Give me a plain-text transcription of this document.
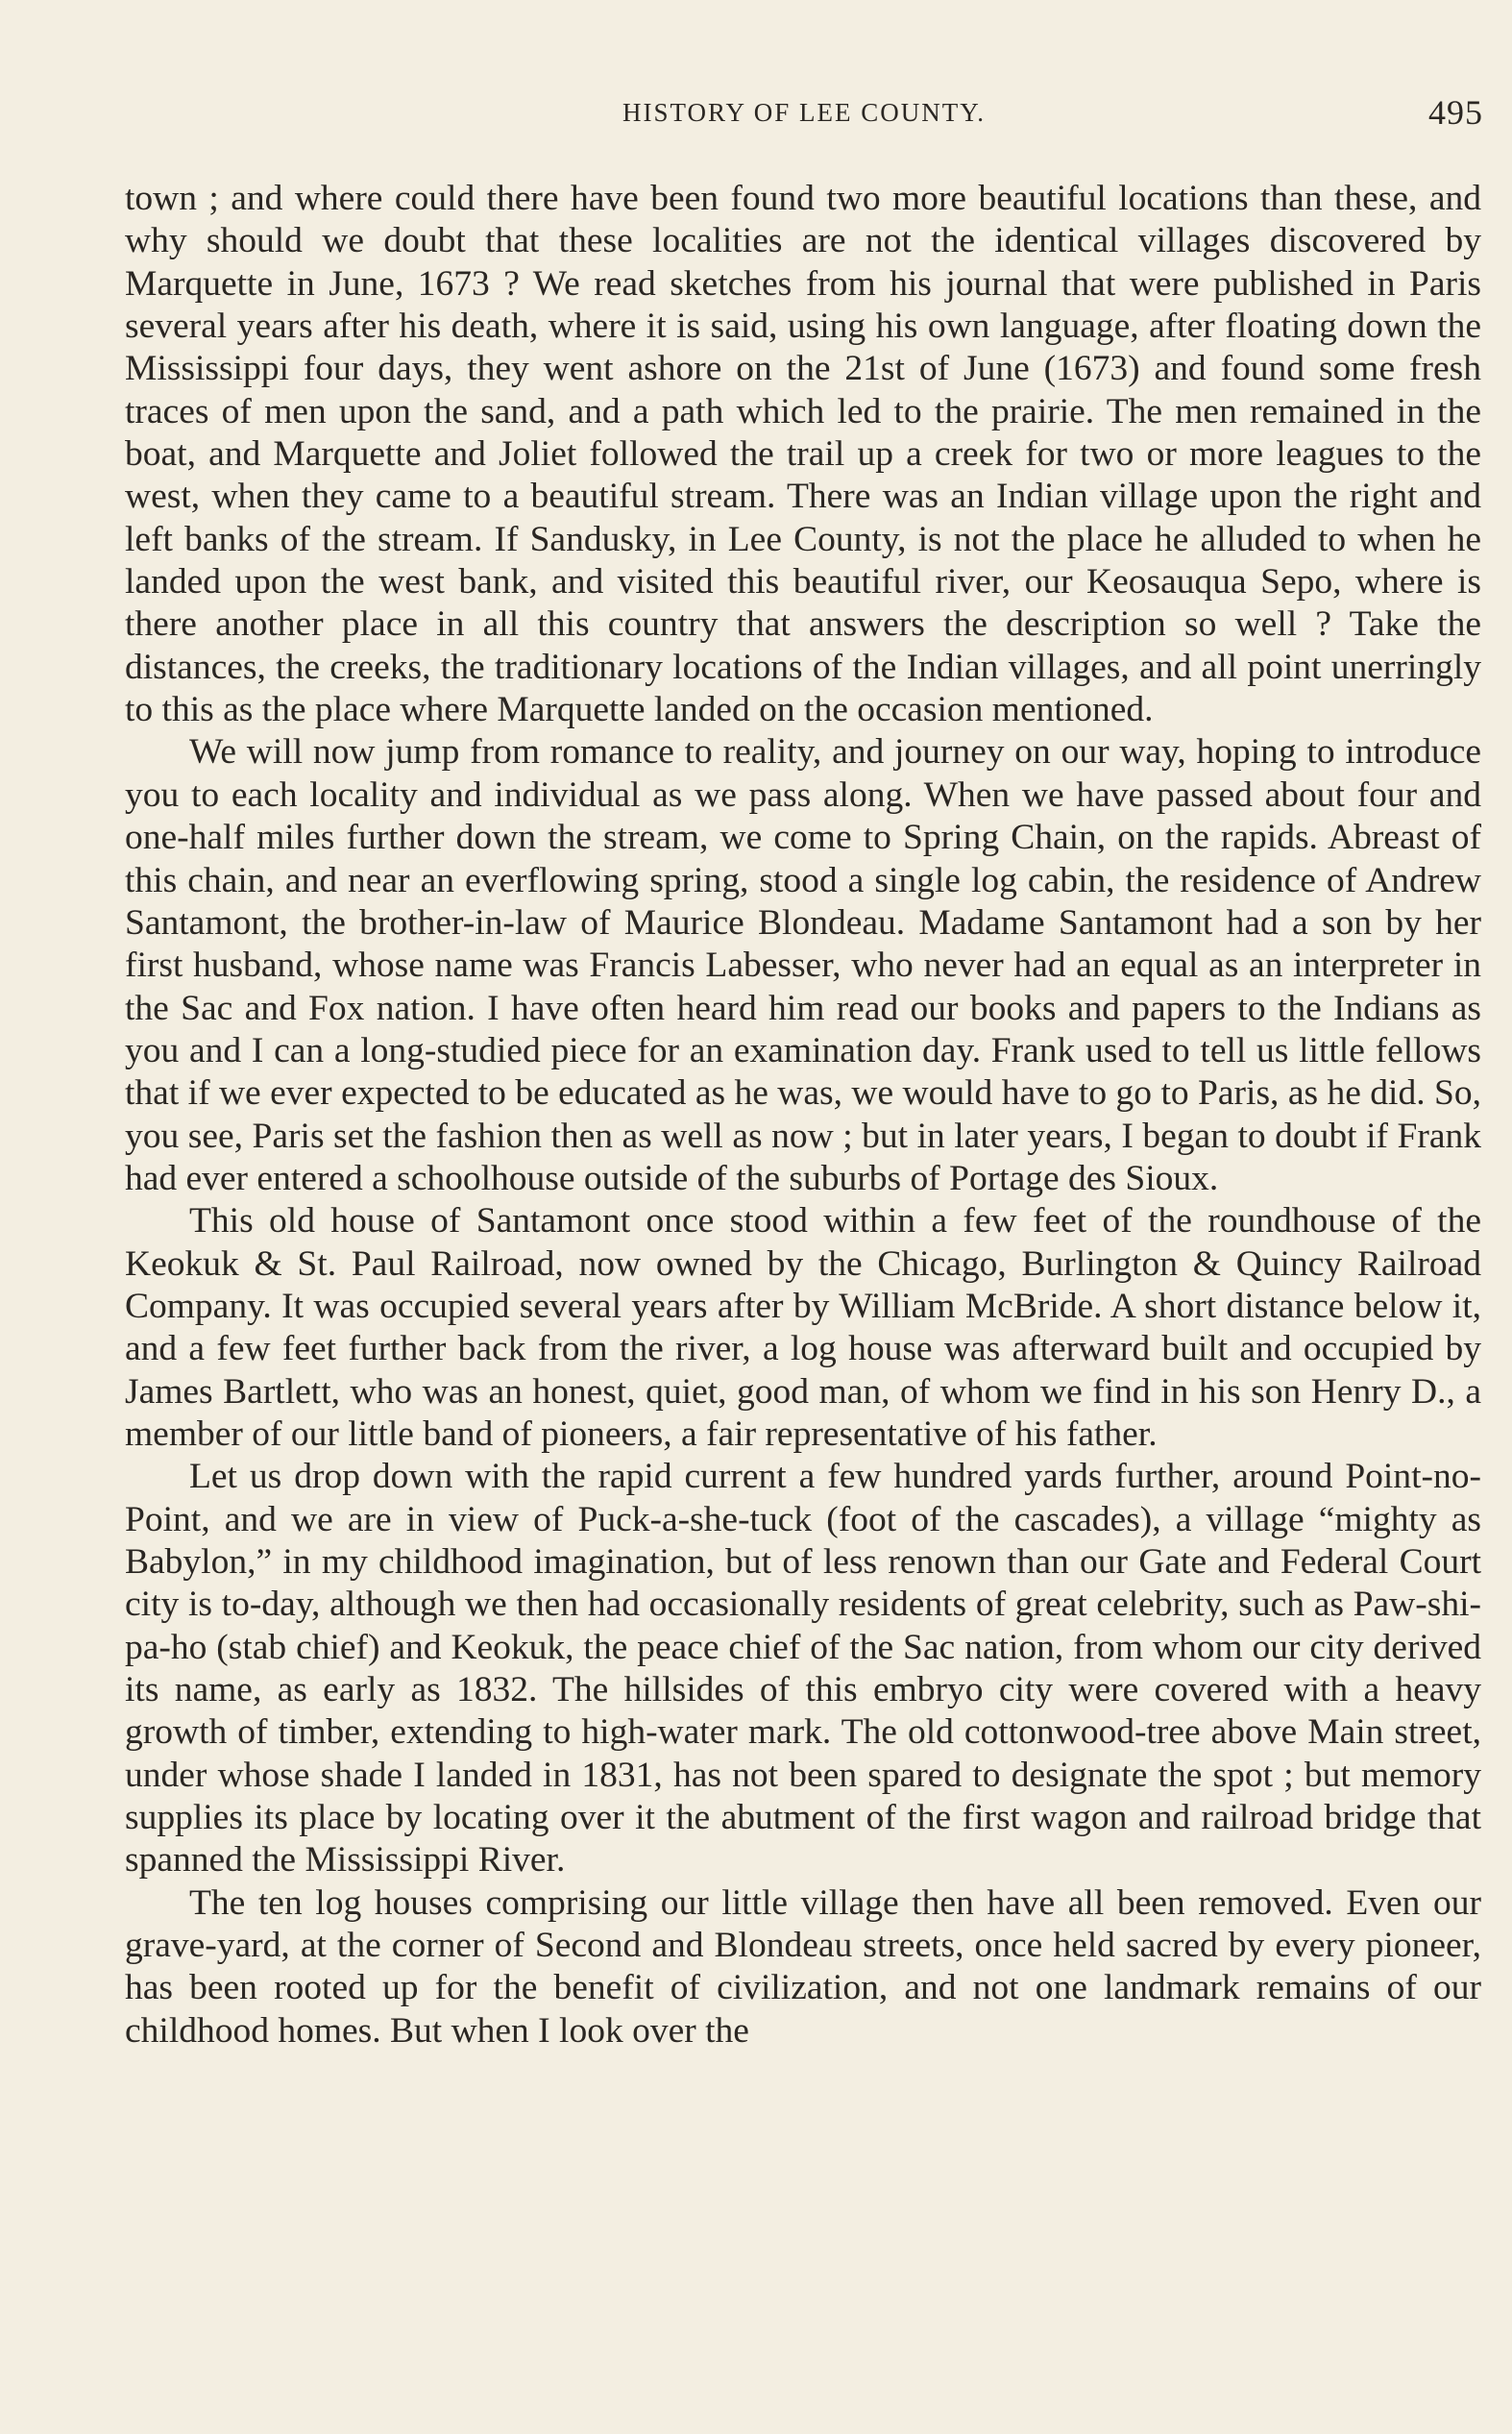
HISTORY OF LEE COUNTY.	495

town ; and where could there have been found two more beautiful locations than these, and why should we doubt that these localities are not the identical villages discovered by Marquette in June, 1673 ? We read sketches from his journal that were published in Paris several years after his death, where it is said, using his own language, after floating down the Mississippi four days, they went ashore on the 21st of June (1673) and found some fresh traces of men upon the sand, and a path which led to the prairie. The men remained in the boat, and Marquette and Joliet followed the trail up a creek for two or more leagues to the west, when they came to a beautiful stream. There was an Indian village upon the right and left banks of the stream. If Sandusky, in Lee County, is not the place he alluded to when he landed upon the west bank, and visited this beautiful river, our Keosauqua Sepo, where is there another place in all this country that answers the description so well ? Take the distances, the creeks, the traditionary locations of the Indian villages, and all point unerringly to this as the place where Marquette landed on the occasion mentioned.

We will now jump from romance to reality, and journey on our way, hoping to introduce you to each locality and individual as we pass along. When we have passed about four and one-half miles further down the stream, we come to Spring Chain, on the rapids. Abreast of this chain, and near an everflowing spring, stood a single log cabin, the residence of Andrew Santamont, the brother-in-law of Maurice Blondeau. Madame Santamont had a son by her first husband, whose name was Francis Labesser, who never had an equal as an interpreter in the Sac and Fox nation. I have often heard him read our books and papers to the Indians as you and I can a long-studied piece for an examination day. Frank used to tell us little fellows that if we ever expected to be educated as he was, we would have to go to Paris, as he did. So, you see, Paris set the fashion then as well as now ; but in later years, I began to doubt if Frank had ever entered a schoolhouse outside of the suburbs of Portage des Sioux.

This old house of Santamont once stood within a few feet of the roundhouse of the Keokuk & St. Paul Railroad, now owned by the Chicago, Burlington & Quincy Railroad Company. It was occupied several years after by William McBride. A short distance below it, and a few feet further back from the river, a log house was afterward built and occupied by James Bartlett, who was an honest, quiet, good man, of whom we find in his son Henry D., a member of our little band of pioneers, a fair representative of his father.

Let us drop down with the rapid current a few hundred yards further, around Point-no-Point, and we are in view of Puck-a-she-tuck (foot of the cascades), a village “mighty as Babylon,” in my childhood imagination, but of less renown than our Gate and Federal Court city is to-day, although we then had occasionally residents of great celebrity, such as Paw-shi-pa-ho (stab chief) and Keokuk, the peace chief of the Sac nation, from whom our city derived its name, as early as 1832. The hillsides of this embryo city were covered with a heavy growth of timber, extending to high-water mark. The old cottonwood-tree above Main street, under whose shade I landed in 1831, has not been spared to designate the spot ; but memory supplies its place by locating over it the abutment of the first wagon and railroad bridge that spanned the Mississippi River.

The ten log houses comprising our little village then have all been removed. Even our grave-yard, at the corner of Second and Blondeau streets, once held sacred by every pioneer, has been rooted up for the benefit of civilization, and not one landmark remains of our childhood homes. But when I look over the
